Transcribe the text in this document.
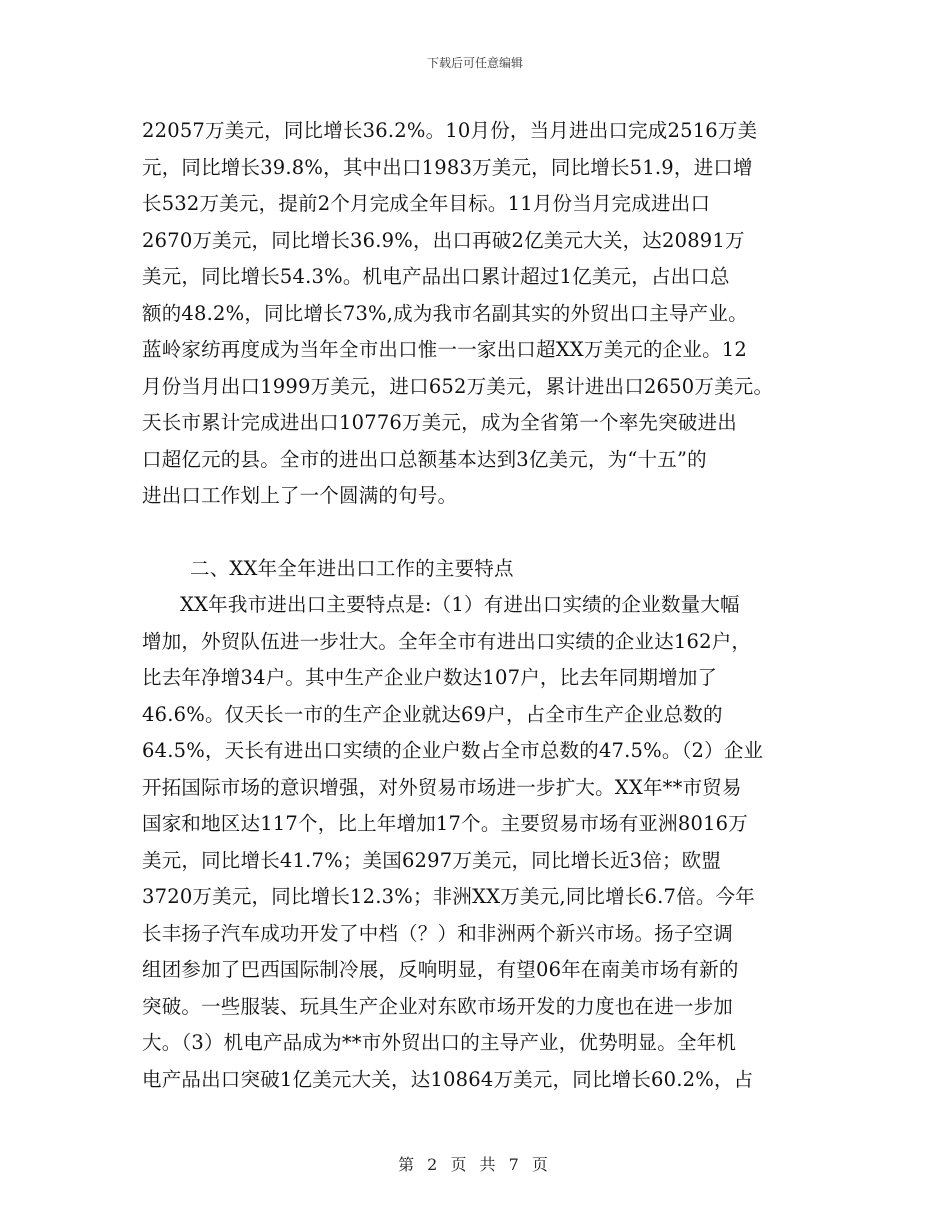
下载后可任意编辑
22057万美元，同比增长36.2%。10月份，当月进出口完成2516万美
元，同比增长39.8%，其中出口1983万美元，同比增长51.9，进口增
长532万美元，提前2个月完成全年目标。11月份当月完成进出口
2670万美元，同比增长36.9%，出口再破2亿美元大关，达20891万
美元，同比增长54.3%。机电产品出口累计超过1亿美元，占出口总
额的48.2%，同比增长73%,成为我市名副其实的外贸出口主导产业。
蓝岭家纺再度成为当年全市出口惟一一家出口超XX万美元的企业。12
月份当月出口1999万美元，进口652万美元，累计进出口2650万美元。
天长市累计完成进出口10776万美元，成为全省第一个率先突破进出
口超亿元的县。全市的进出口总额基本达到3亿美元，为“十五”的
进出口工作划上了一个圆满的句号。
二、XX年全年进出口工作的主要特点
XX年我市进出口主要特点是:（1）有进出口实绩的企业数量大幅
增加，外贸队伍进一步壮大。全年全市有进出口实绩的企业达162户，
比去年净增34户。其中生产企业户数达107户，比去年同期增加了
46.6%。仅天长一市的生产企业就达69户，占全市生产企业总数的
64.5%，天长有进出口实绩的企业户数占全市总数的47.5%。（2）企业
开拓国际市场的意识增强，对外贸易市场进一步扩大。XX年**市贸易
国家和地区达117个，比上年增加17个。主要贸易市场有亚洲8016万
美元，同比增长41.7%；美国6297万美元，同比增长近3倍；欧盟
3720万美元，同比增长12.3%；非洲XX万美元,同比增长6.7倍。今年
长丰扬子汽车成功开发了中档（？）和非洲两个新兴市场。扬子空调
组团参加了巴西国际制冷展，反响明显，有望06年在南美市场有新的
突破。一些服装、玩具生产企业对东欧市场开发的力度也在进一步加
大。（3）机电产品成为**市外贸出口的主导产业，优势明显。全年机
电产品出口突破1亿美元大关，达10864万美元，同比增长60.2%，占
第 2 页 共 7 页
